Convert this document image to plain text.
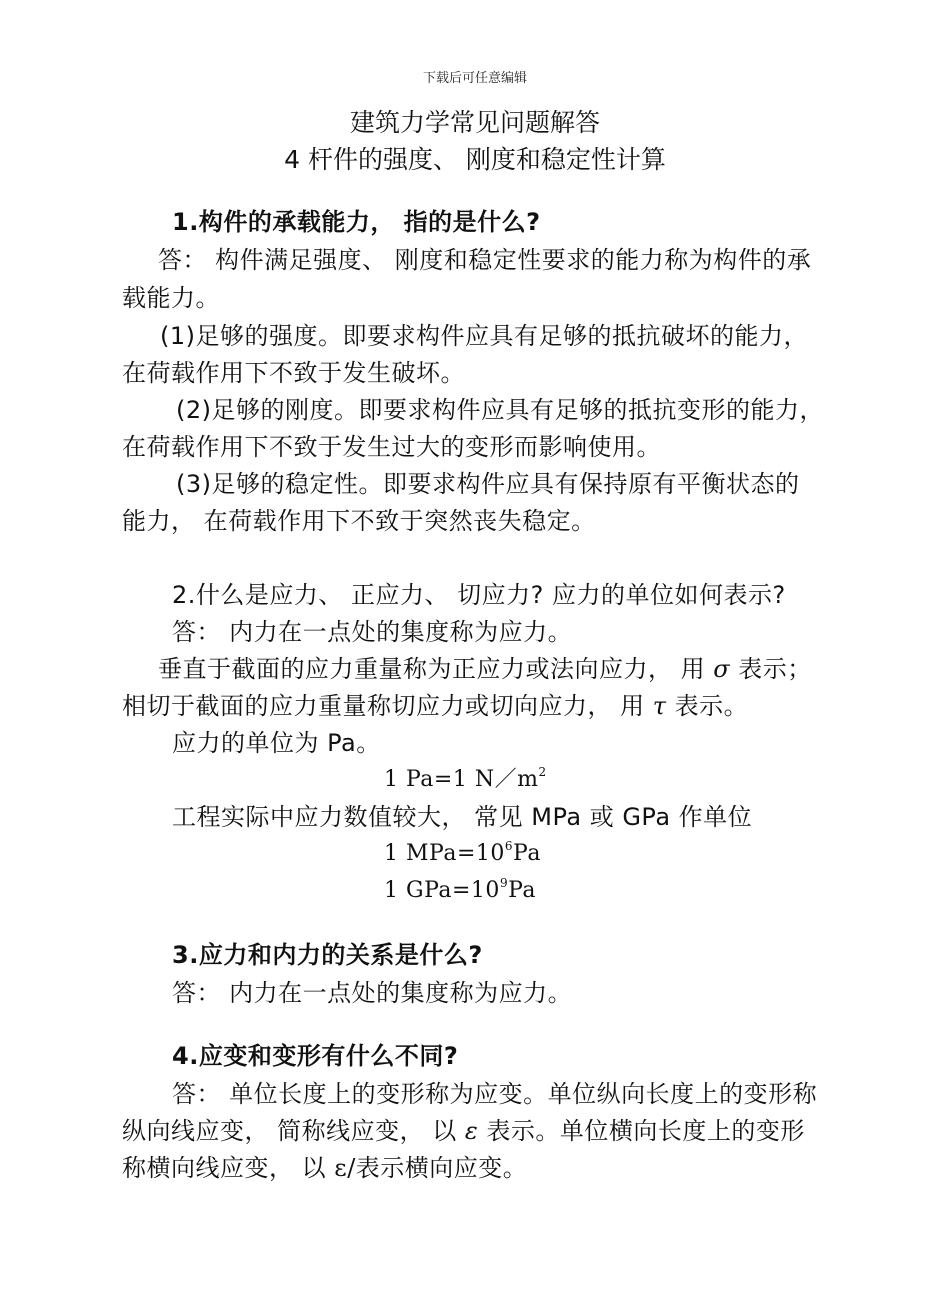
下载后可任意编辑
建筑力学常见问题解答
4 杆件的强度、 刚度和稳定性计算
1.构件的承载能力， 指的是什么?
答： 构件满足强度、 刚度和稳定性要求的能力称为构件的承
载能力。
(1)足够的强度。即要求构件应具有足够的抵抗破坏的能力，
在荷载作用下不致于发生破坏。
(2)足够的刚度。即要求构件应具有足够的抵抗变形的能力，
在荷载作用下不致于发生过大的变形而影响使用。
(3)足够的稳定性。即要求构件应具有保持原有平衡状态的
能力， 在荷载作用下不致于突然丧失稳定。
2.什么是应力、 正应力、 切应力? 应力的单位如何表示?
答： 内力在一点处的集度称为应力。
垂直于截面的应力重量称为正应力或法向应力， 用 σ 表示；
相切于截面的应力重量称切应力或切向应力， 用 τ 表示。
应力的单位为 Pa。
1 Pa=1 $N/m^2$
工程实际中应力数值较大， 常见 MPa 或 GPa 作单位
1 $MPa=10^6Pa$
1 $GPa=10^9Pa$
3.应力和内力的关系是什么?
答： 内力在一点处的集度称为应力。
4.应变和变形有什么不同?
答： 单位长度上的变形称为应变。单位纵向长度上的变形称
纵向线应变， 简称线应变， 以 ε 表示。单位横向长度上的变形
称横向线应变， 以 ε/表示横向应变。
